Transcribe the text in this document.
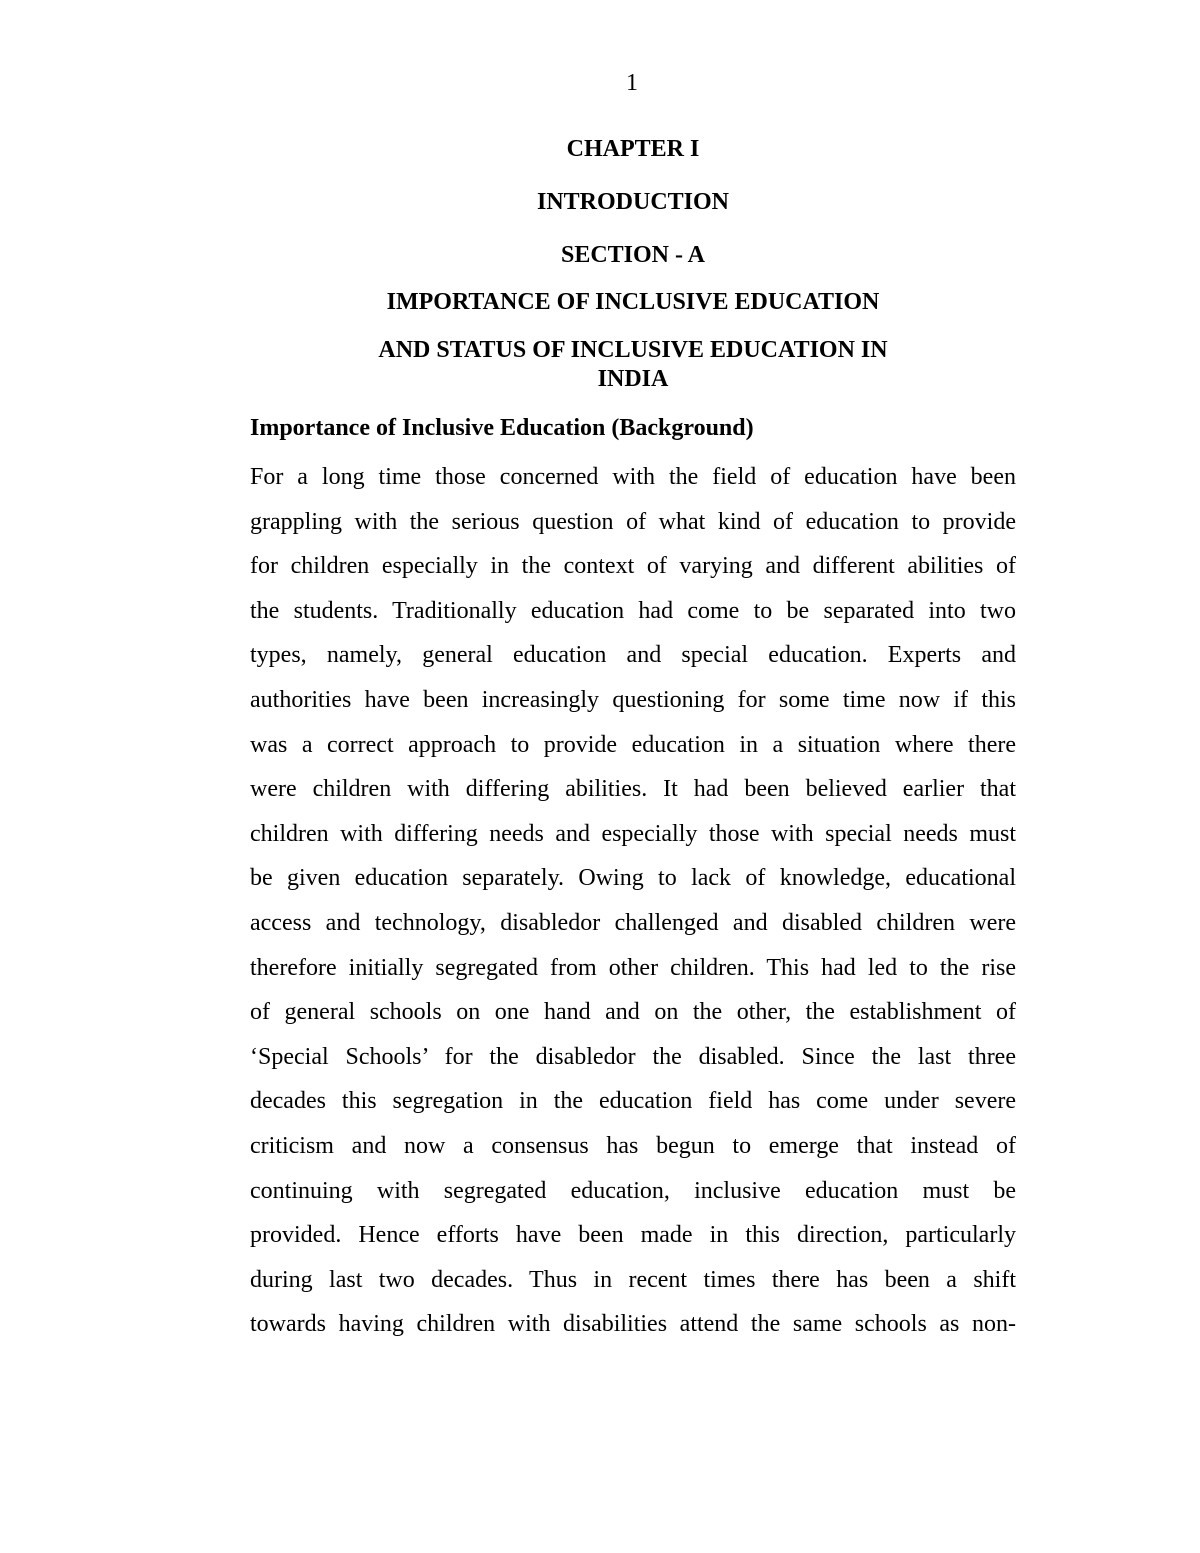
1
CHAPTER I
INTRODUCTION
SECTION - A
IMPORTANCE OF INCLUSIVE EDUCATION
AND STATUS OF INCLUSIVE EDUCATION IN
INDIA
Importance of Inclusive Education (Background)
For a long time those concerned with the field of education have been
grappling with the serious question of what kind of education to provide
for children especially in the context of varying and different abilities of
the students. Traditionally education had come to be separated into two
types, namely, general education and special education. Experts and
authorities have been increasingly questioning for some time now if this
was a correct approach to provide education in a situation where there
were children with differing abilities. It had been believed earlier that
children with differing needs and especially those with special needs must
be given education separately. Owing to lack of knowledge, educational
access and technology, disabledor challenged and disabled children were
therefore initially segregated from other children. This had led to the rise
of general schools on one hand and on the other, the establishment of
‘Special Schools’ for the disabledor the disabled. Since the last three
decades this segregation in the education field has come under severe
criticism and now a consensus has begun to emerge that instead of
continuing with segregated education, inclusive education must be
provided. Hence efforts have been made in this direction, particularly
during last two decades. Thus in recent times there has been a shift
towards having children with disabilities attend the same schools as non-
